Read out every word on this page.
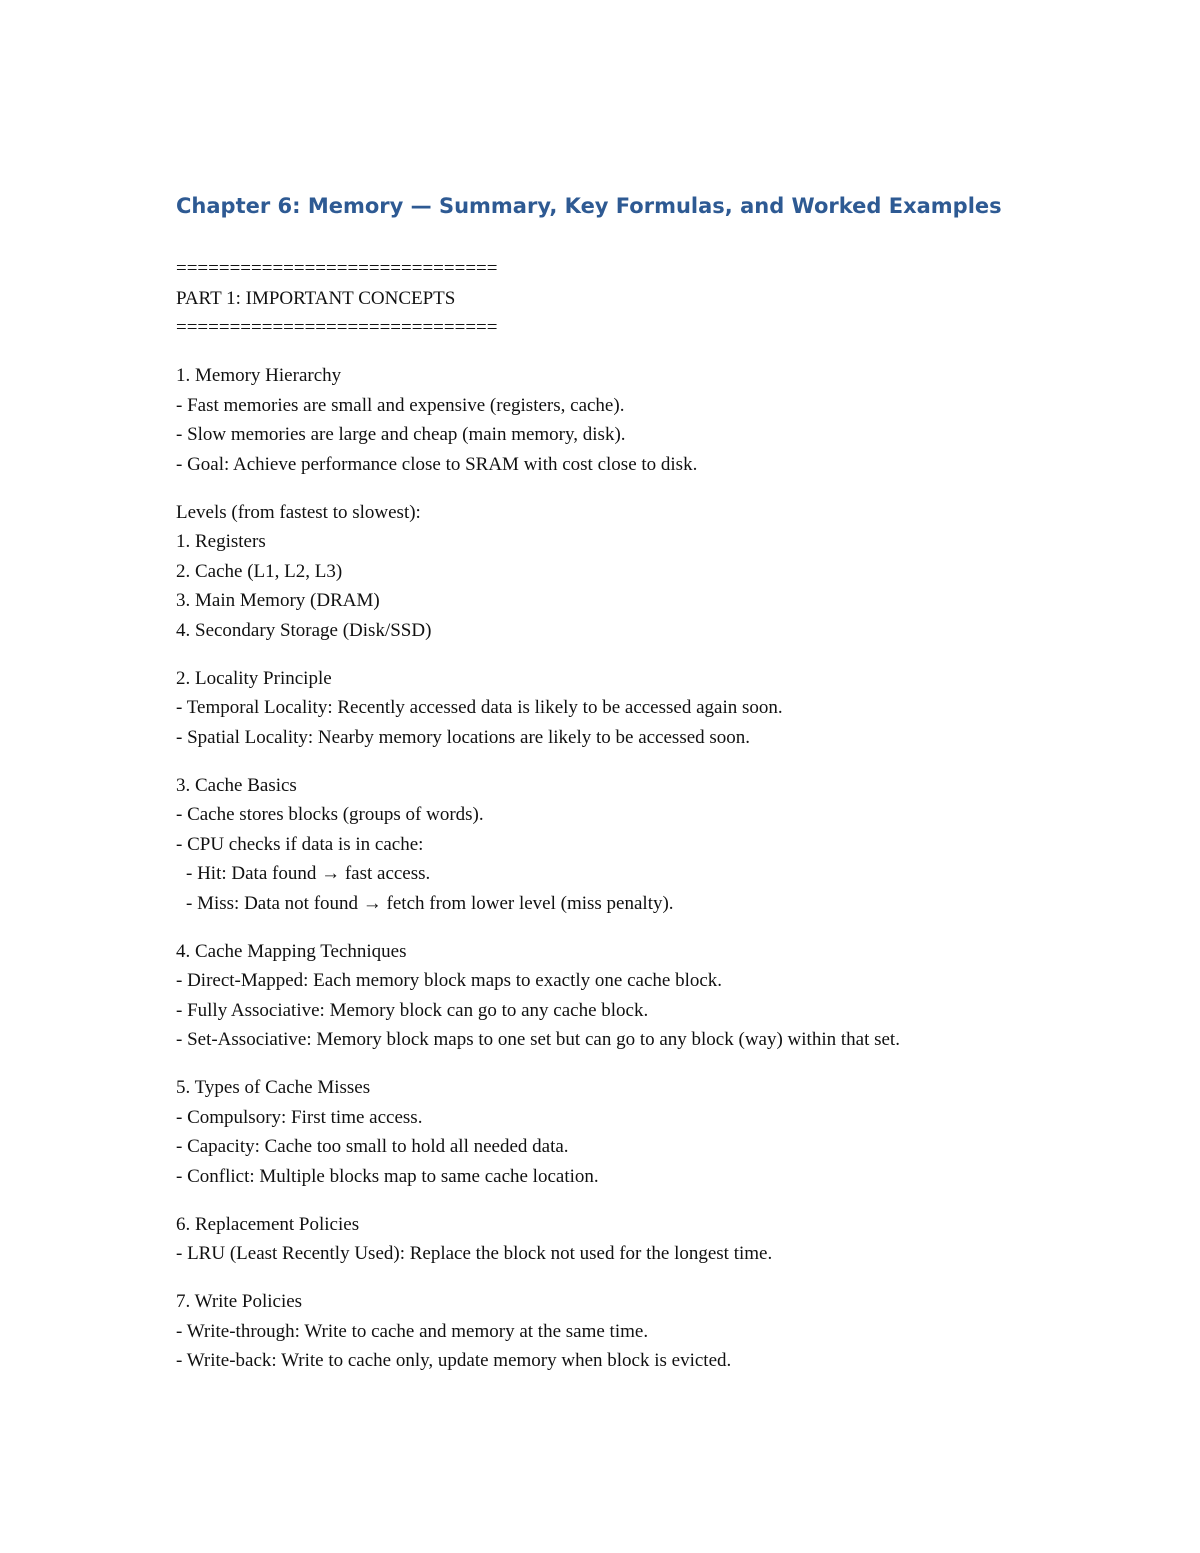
Chapter 6: Memory — Summary, Key Formulas, and Worked Examples
==============================
PART 1: IMPORTANT CONCEPTS
==============================
1. Memory Hierarchy
- Fast memories are small and expensive (registers, cache).
- Slow memories are large and cheap (main memory, disk).
- Goal: Achieve performance close to SRAM with cost close to disk.
Levels (from fastest to slowest):
1. Registers
2. Cache (L1, L2, L3)
3. Main Memory (DRAM)
4. Secondary Storage (Disk/SSD)
2. Locality Principle
- Temporal Locality: Recently accessed data is likely to be accessed again soon.
- Spatial Locality: Nearby memory locations are likely to be accessed soon.
3. Cache Basics
- Cache stores blocks (groups of words).
- CPU checks if data is in cache:
- Hit: Data found → fast access.
- Miss: Data not found → fetch from lower level (miss penalty).
4. Cache Mapping Techniques
- Direct-Mapped: Each memory block maps to exactly one cache block.
- Fully Associative: Memory block can go to any cache block.
- Set-Associative: Memory block maps to one set but can go to any block (way) within that set.
5. Types of Cache Misses
- Compulsory: First time access.
- Capacity: Cache too small to hold all needed data.
- Conflict: Multiple blocks map to same cache location.
6. Replacement Policies
- LRU (Least Recently Used): Replace the block not used for the longest time.
7. Write Policies
- Write-through: Write to cache and memory at the same time.
- Write-back: Write to cache only, update memory when block is evicted.
